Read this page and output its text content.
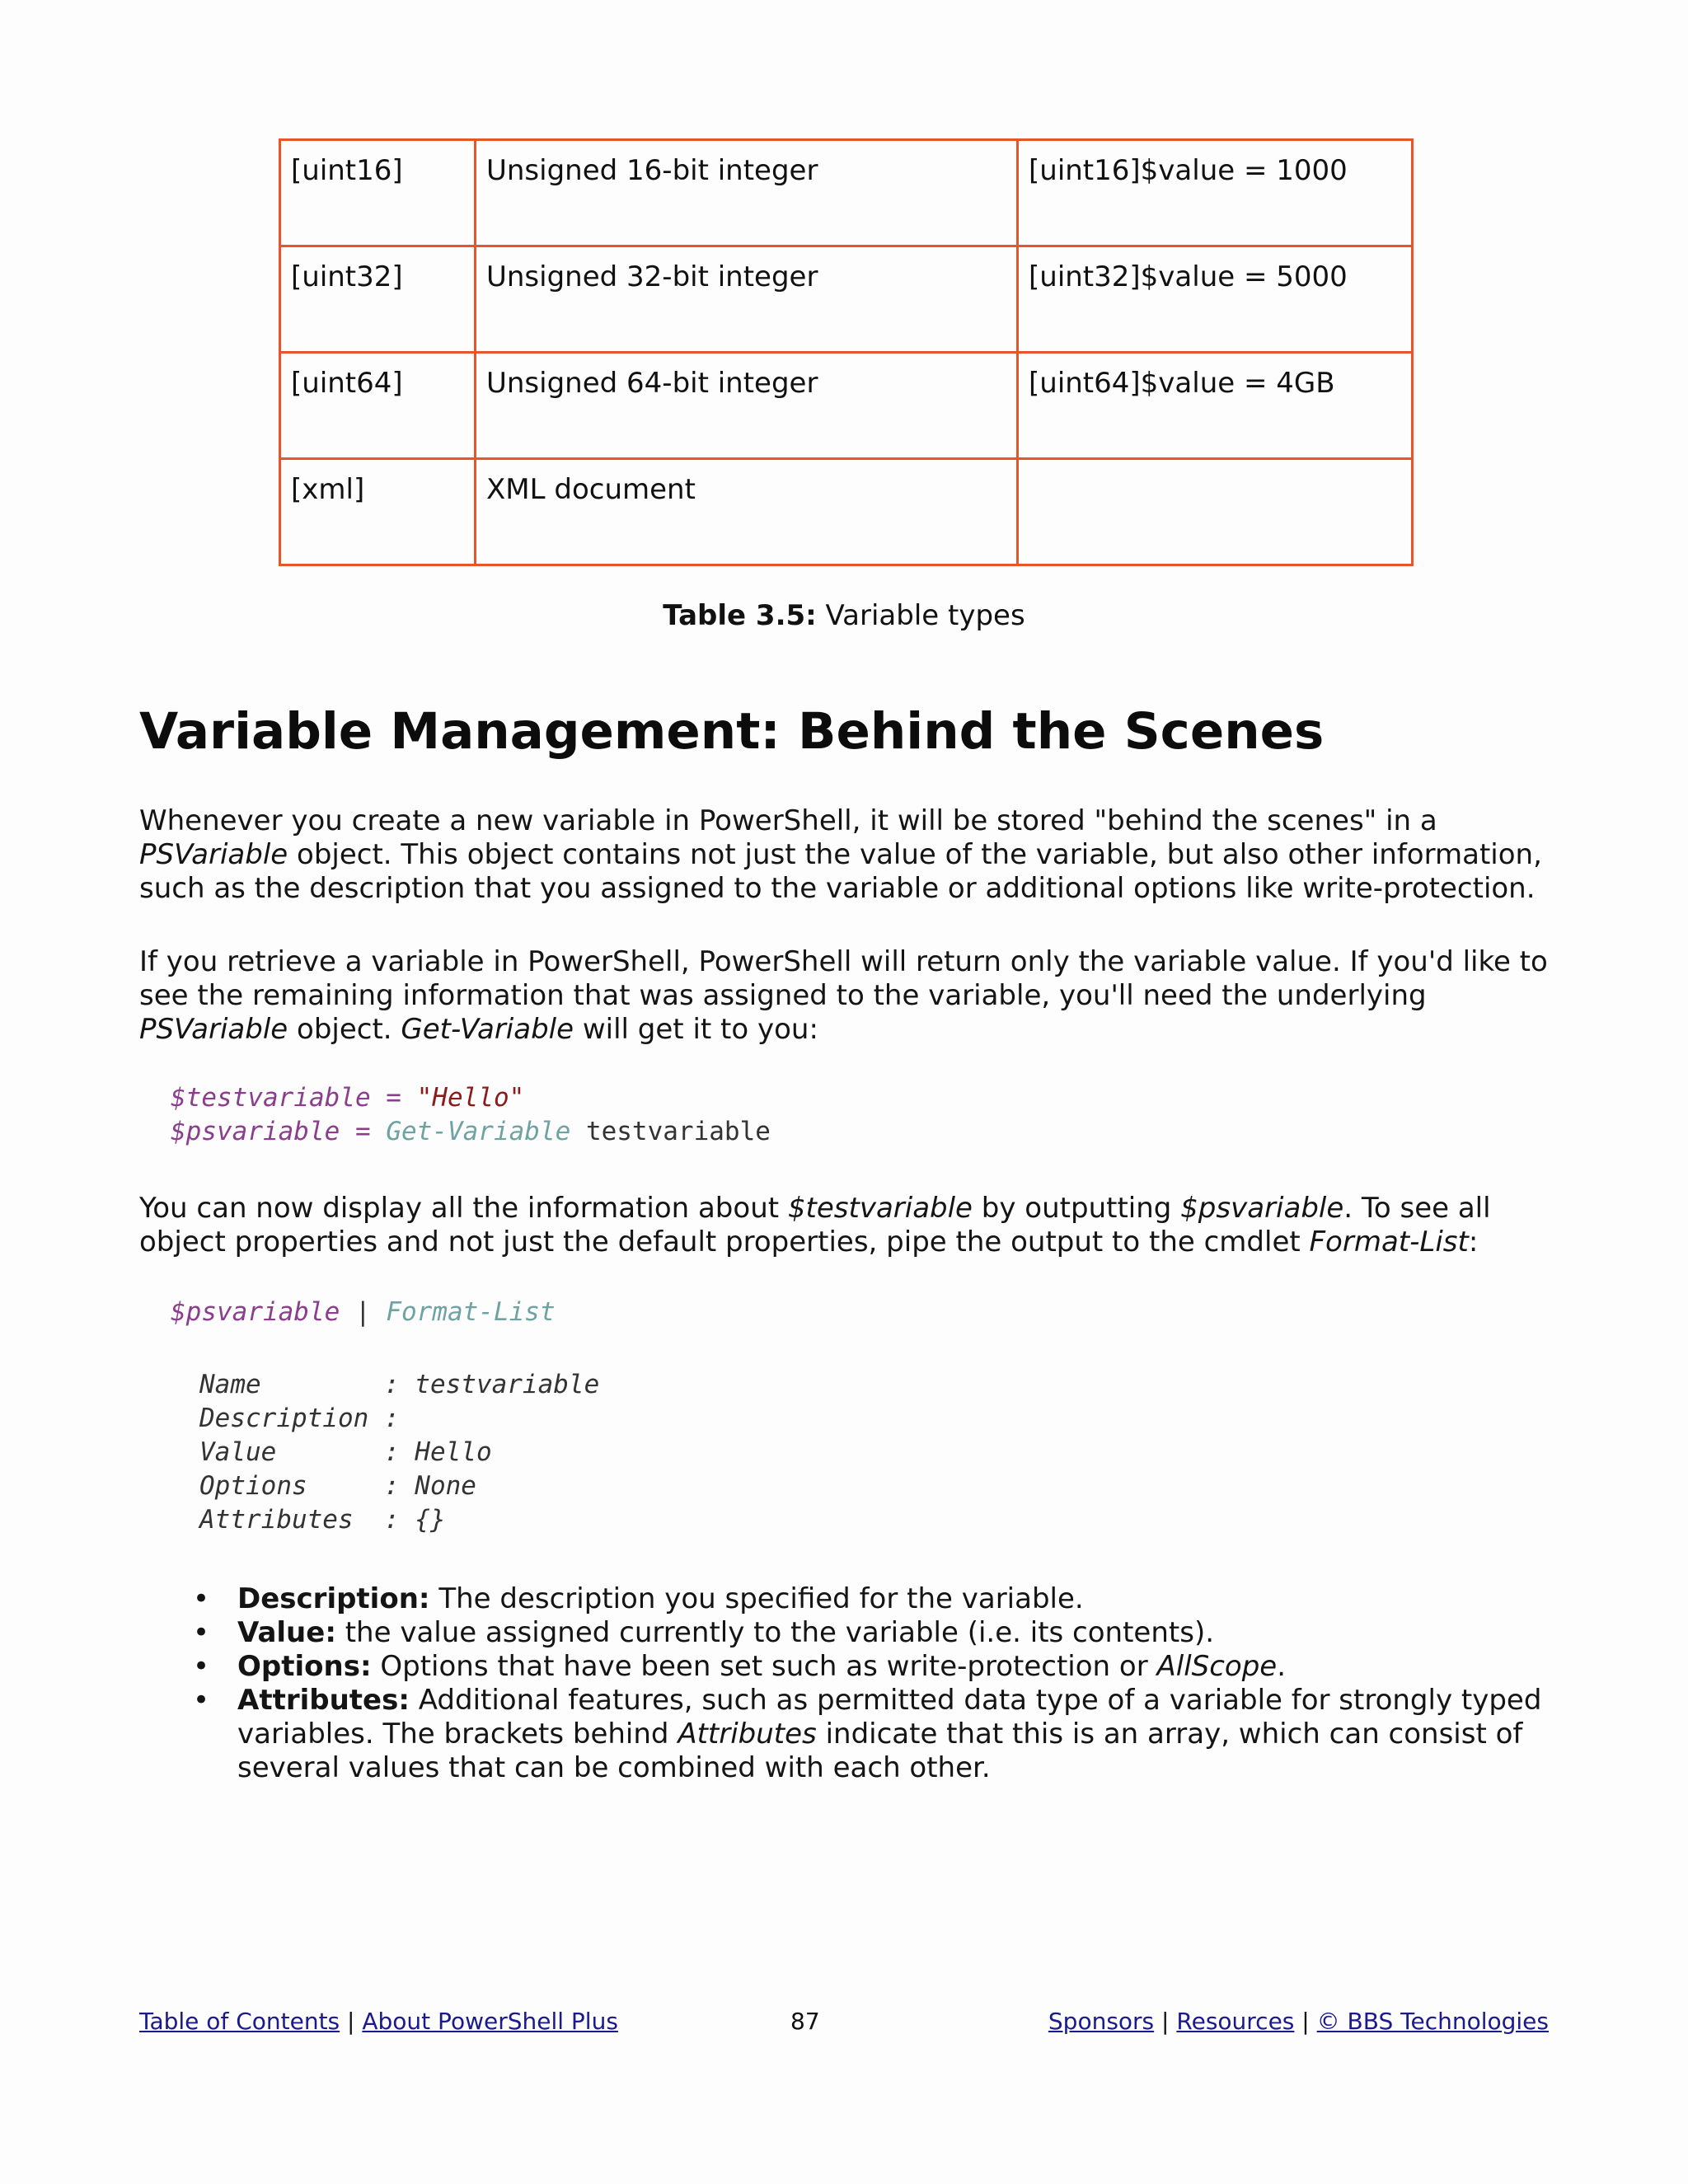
[uint16]	Unsigned 16-bit integer	[uint16]$value = 1000
[uint32]	Unsigned 32-bit integer	[uint32]$value = 5000
[uint64]	Unsigned 64-bit integer	[uint64]$value = 4GB
[xml]	XML document	
Table 3.5: Variable types
Variable Management: Behind the Scenes

Whenever you create a new variable in PowerShell, it will be stored "behind the scenes" in a PSVariable object. This object contains not just the value of the variable, but also other information, such as the description that you assigned to the variable or additional options like write-protection.

If you retrieve a variable in PowerShell, PowerShell will return only the variable value. If you'd like to see the remaining information that was assigned to the variable, you'll need the underlying PSVariable object. Get-Variable will get it to you:

$testvariable = "Hello"
$psvariable = Get-Variable testvariable

You can now display all the information about $testvariable by outputting $psvariable. To see all object properties and not just the default properties, pipe the output to the cmdlet Format-List:

$psvariable | Format-List
Name        : testvariable
Description :
Value       : Hello
Options     : None
Attributes  : {}
• Description: The description you specified for the variable.
• Value: the value assigned currently to the variable (i.e. its contents).
• Options: Options that have been set such as write-protection or AllScope.
• Attributes: Additional features, such as permitted data type of a variable for strongly typed variables. The brackets behind Attributes indicate that this is an array, which can consist of several values that can be combined with each other.
Table of Contents | About PowerShell Plus	87	Sponsors | Resources | © BBS Technologies
